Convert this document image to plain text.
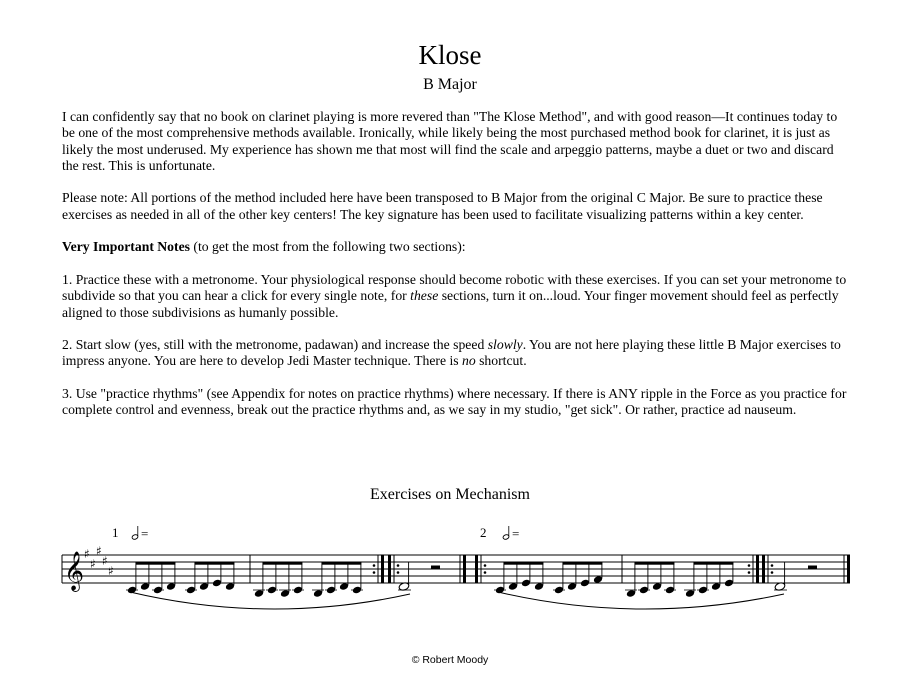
Klose
B Major

I can confidently say that no book on clarinet playing is more revered than "The Klose Method", and with good reason—It continues today to be one of the most comprehensive methods available. Ironically, while likely being the most purchased method book for clarinet, it is just as likely the most underused. My experience has shown me that most will find the scale and arpeggio patterns, maybe a duet or two and discard the rest. This is unfortunate.

Please note: All portions of the method included here have been transposed to B Major from the original C Major. Be sure to practice these exercises as needed in all of the other key centers! The key signature has been used to facilitate visualizing patterns within a key center.

Very Important Notes (to get the most from the following two sections):

1. Practice these with a metronome. Your physiological response should become robotic with these exercises. If you can set your metronome to subdivide so that you can hear a click for every single note, for these sections, turn it on...loud. Your finger movement should feel as perfectly aligned to those subdivisions as humanly possible.

2. Start slow (yes, still with the metronome, padawan) and increase the speed slowly. You are not here playing these little B Major exercises to impress anyone. You are here to develop Jedi Master technique. There is no shortcut.

3. Use "practice rhythms" (see Appendix for notes on practice rhythms) where necessary. If there is ANY ripple in the Force as you practice for complete control and evenness, break out the practice rhythms and, as we say in my studio, "get sick". Or rather, practice ad nauseum.

Exercises on Mechanism
𝄞 ♯
♯
♯
♯
♯
1 =	2 =
© Robert Moody
